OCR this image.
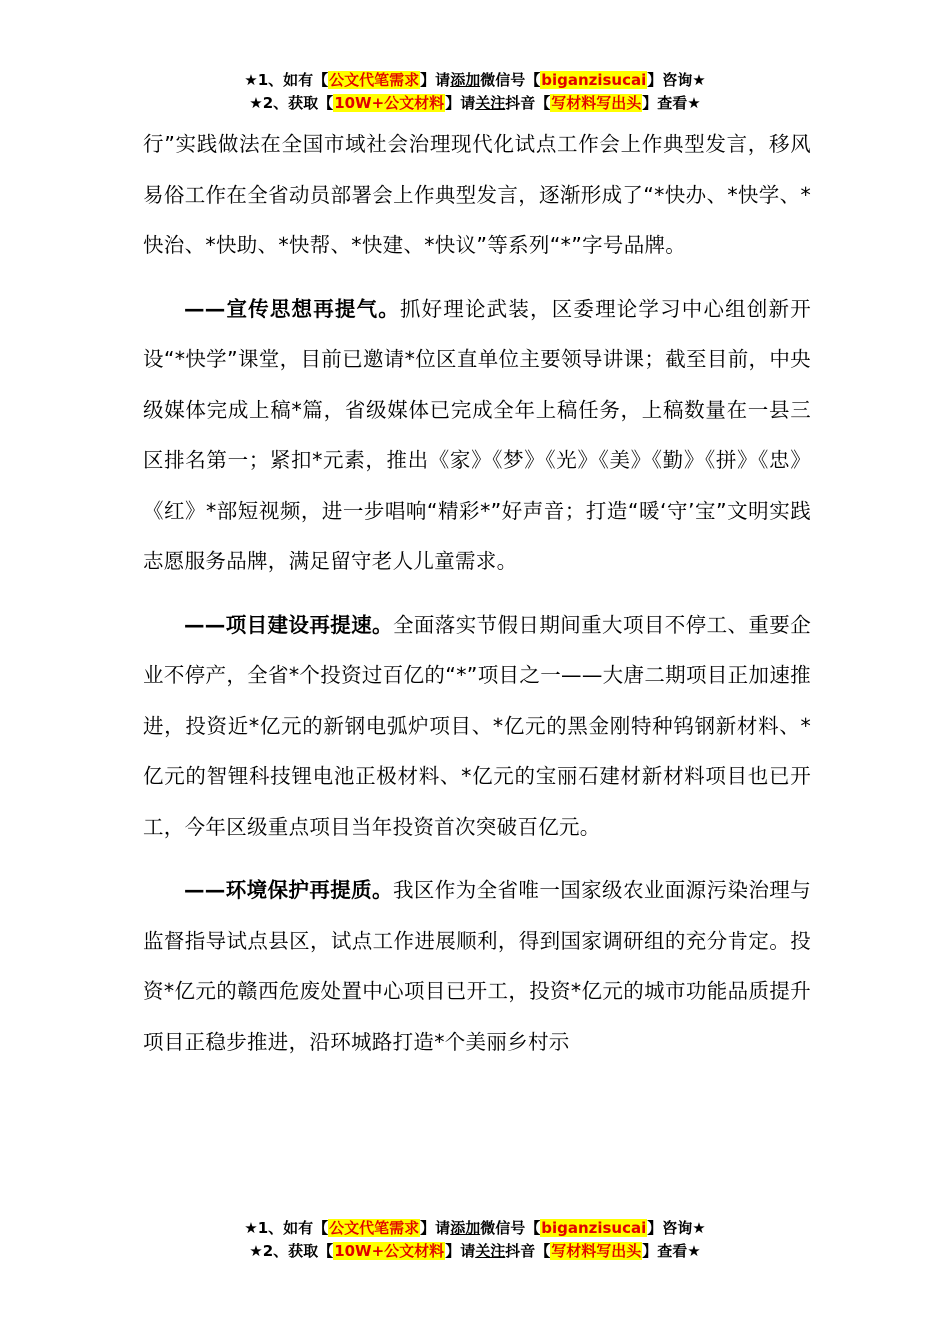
★1、如有【公文代笔需求】请添加微信号【biganzisucai】咨询★
★2、获取【10W+公文材料】请关注抖音【写材料写出头】查看★

行”实践做法在全国市域社会治理现代化试点工作会上作典型发言，移风易俗工作在全省动员部署会上作典型发言，逐渐形成了“*快办、*快学、*快治、*快助、*快帮、*快建、*快议”等系列“*”字号品牌。

——宣传思想再提气。抓好理论武装，区委理论学习中心组创新开设“*快学”课堂，目前已邀请*位区直单位主要领导讲课；截至目前，中央级媒体完成上稿*篇，省级媒体已完成全年上稿任务，上稿数量在一县三区排名第一；紧扣*元素，推出《家》《梦》《光》《美》《勤》《拼》《忠》《红》*部短视频，进一步唱响“精彩*”好声音；打造“暖‘守’宝”文明实践志愿服务品牌，满足留守老人儿童需求。

——项目建设再提速。全面落实节假日期间重大项目不停工、重要企业不停产，全省*个投资过百亿的“*”项目之一——大唐二期项目正加速推进，投资近*亿元的新钢电弧炉项目、*亿元的黑金刚特种钨钢新材料、*亿元的智锂科技锂电池正极材料、*亿元的宝丽石建材新材料项目也已开工，今年区级重点项目当年投资首次突破百亿元。

——环境保护再提质。我区作为全省唯一国家级农业面源污染治理与监督指导试点县区，试点工作进展顺利，得到国家调研组的充分肯定。投资*亿元的赣西危废处置中心项目已开工，投资*亿元的城市功能品质提升项目正稳步推进，沿环城路打造*个美丽乡村示

★1、如有【公文代笔需求】请添加微信号【biganzisucai】咨询★
★2、获取【10W+公文材料】请关注抖音【写材料写出头】查看★
